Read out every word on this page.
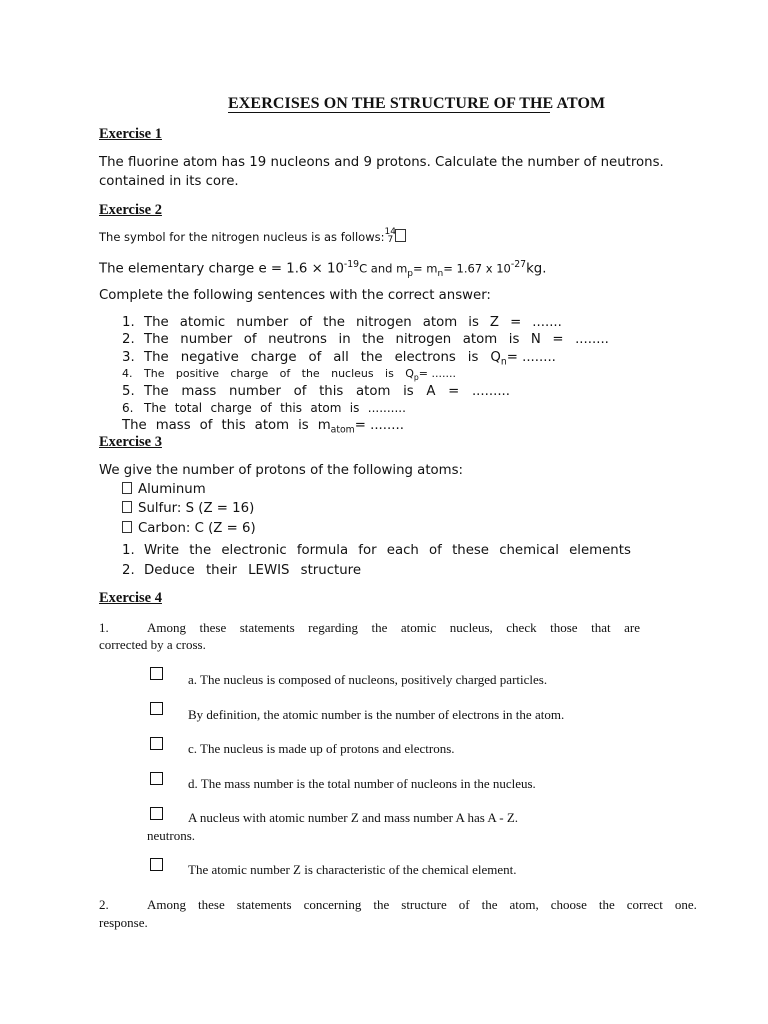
EXERCISES ON THE STRUCTURE OF THE ATOM
Exercise 1
The fluorine atom has 19 nucleons and 9 protons. Calculate the number of neutrons.
contained in its core.
Exercise 2
The symbol for the nitrogen nucleus is as follows: 14
7
The elementary charge $e = 1.6 \times 10^{-19}C$ and $m_p= m_n= 1.67$ x $10^{-27}kg$.
Complete the following sentences with the correct answer:
1. The atomic number of the nitrogen atom is Z = .......
2. The number of neutrons in the nitrogen atom is N = ........
3. The negative charge of all the electrons is $Q_n=$ ........
4. The positive charge of the nucleus is $Q_p=$ .......
5. The mass number of this atom is A = .........
6. The total charge of this atom is ..........
The mass of this atom is $m_{atom}=$ ........
Exercise 3
We give the number of protons of the following atoms:
Aluminum
Sulfur: S (Z = 16)
Carbon: C (Z = 6)
1. Write the electronic formula for each of these chemical elements
2. Deduce their LEWIS structure
Exercise 4
1.	Among these statements regarding the atomic nucleus, check those that are
corrected by a cross.
a. The nucleus is composed of nucleons, positively charged particles.
By definition, the atomic number is the number of electrons in the atom.
c. The nucleus is made up of protons and electrons.
d. The mass number is the total number of nucleons in the nucleus.
A nucleus with atomic number Z and mass number A has A - Z.
The atomic number Z is characteristic of the chemical element.
neutrons.
2.	Among these statements concerning the structure of the atom, choose the correct one.
response.
